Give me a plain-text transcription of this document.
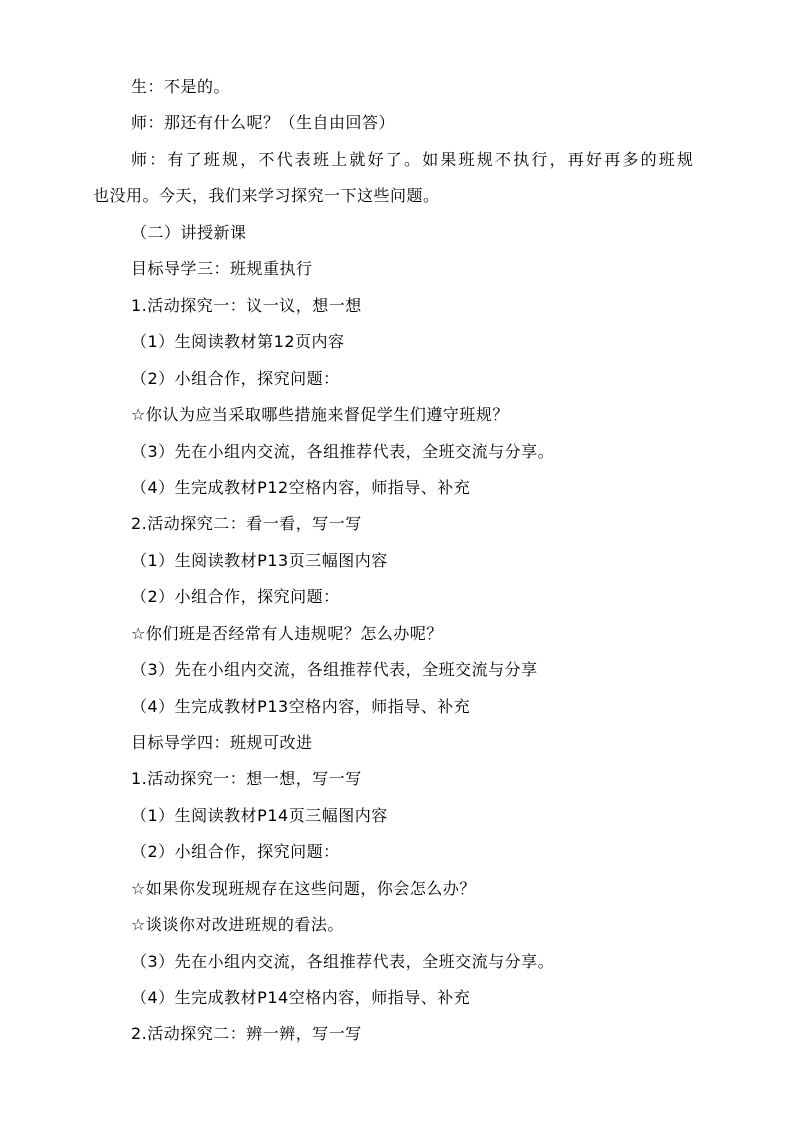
生：不是的。
师：那还有什么呢？（生自由回答）
师：有了班规，不代表班上就好了。如果班规不执行，再好再多的班规
也没用。今天，我们来学习探究一下这些问题。
（二）讲授新课
目标导学三：班规重执行
1.活动探究一：议一议，想一想
（1）生阅读教材第12页内容
（2）小组合作，探究问题：
☆你认为应当采取哪些措施来督促学生们遵守班规？
（3）先在小组内交流，各组推荐代表，全班交流与分享。
（4）生完成教材P12空格内容，师指导、补充
2.活动探究二：看一看，写一写
（1）生阅读教材P13页三幅图内容
（2）小组合作，探究问题：
☆你们班是否经常有人违规呢？怎么办呢？
（3）先在小组内交流，各组推荐代表，全班交流与分享
（4）生完成教材P13空格内容，师指导、补充
目标导学四：班规可改进
1.活动探究一：想一想，写一写
（1）生阅读教材P14页三幅图内容
（2）小组合作，探究问题：
☆如果你发现班规存在这些问题，你会怎么办？
☆谈谈你对改进班规的看法。
（3）先在小组内交流，各组推荐代表，全班交流与分享。
（4）生完成教材P14空格内容，师指导、补充
2.活动探究二：辨一辨，写一写
